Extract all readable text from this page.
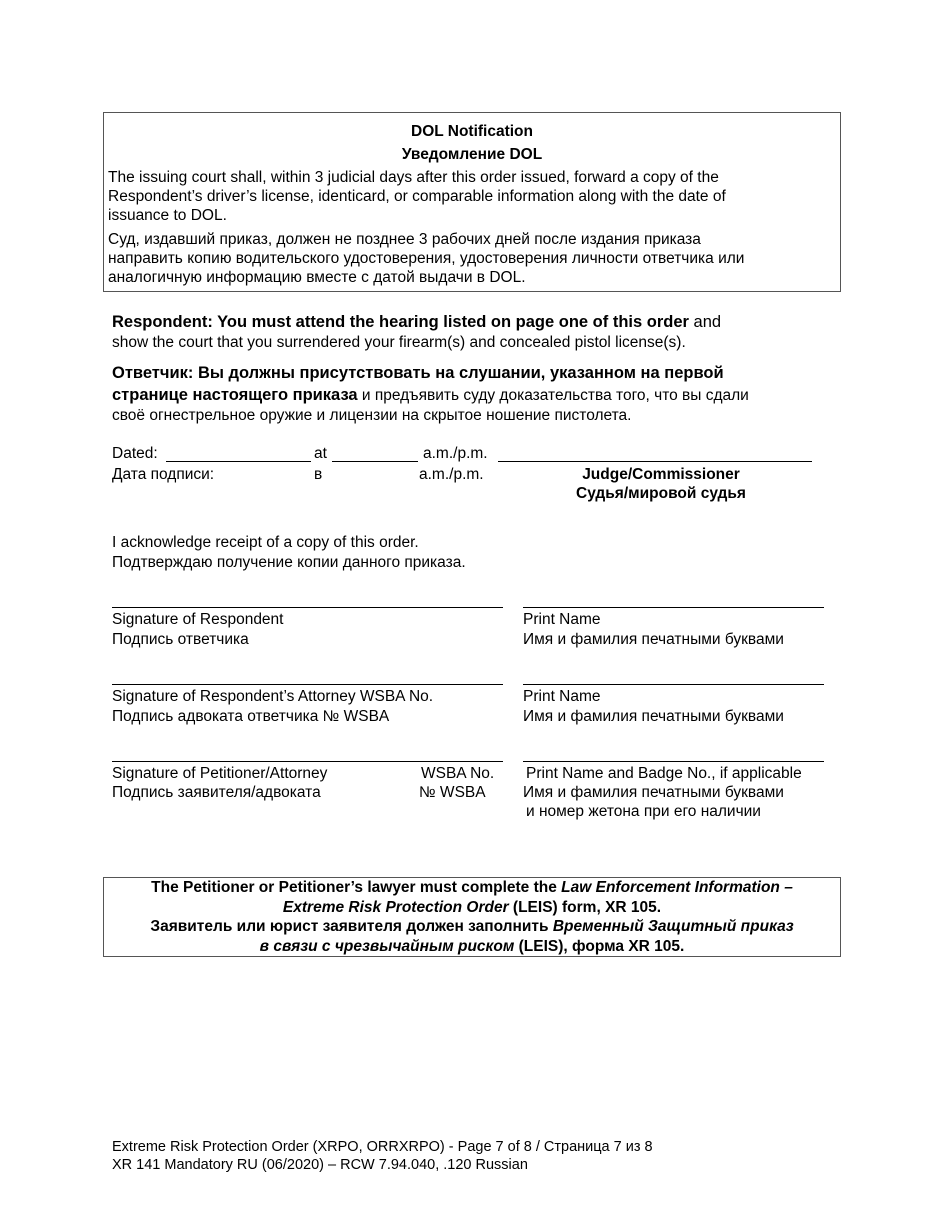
DOL Notification
Уведомление DOL
The issuing court shall, within 3 judicial days after this order issued, forward a copy of the
Respondent’s driver’s license, identicard, or comparable information along with the date of
issuance to DOL.
Суд, издавший приказ, должен не позднее 3 рабочих дней после издания приказа
направить копию водительского удостоверения, удостоверения личности ответчика или
аналогичную информацию вместе с датой выдачи в DOL.
Respondent: You must attend the hearing listed on page one of this order and
show the court that you surrendered your firearm(s) and concealed pistol license(s).
Ответчик: Вы должны присутствовать на слушании, указанном на первой
странице настоящего приказа и предъявить суду доказательства того, что вы сдали
своё огнестрельное оружие и лицензии на скрытое ношение пистолета.
Dated:	at	a.m./p.m.
Дата подписи:	в	a.m./p.m.	Judge/Commissioner
Судья/мировой судья
I acknowledge receipt of a copy of this order.
Подтверждаю получение копии данного приказа.
Signature of Respondent
Подпись ответчика
Print Name
Имя и фамилия печатными буквами
Signature of Respondent’s Attorney WSBA No.
Подпись адвоката ответчика № WSBA
Print Name
Имя и фамилия печатными буквами
Signature of Petitioner/Attorney
Подпись заявителя/адвоката
WSBA No.
№ WSBA
Print Name and Badge No., if applicable
Имя и фамилия печатными буквами
и номер жетона при его наличии
The Petitioner or Petitioner’s lawyer must complete the Law Enforcement Information –
Extreme Risk Protection Order (LEIS) form, XR 105.
Заявитель или юрист заявителя должен заполнить Временный Защитный приказ
в связи с чрезвычайным риском (LEIS), форма XR 105.
Extreme Risk Protection Order (XRPO, ORRXRPO) - Page 7 of 8 / Страница 7 из 8
XR 141 Mandatory RU (06/2020) – RCW 7.94.040, .120 Russian
